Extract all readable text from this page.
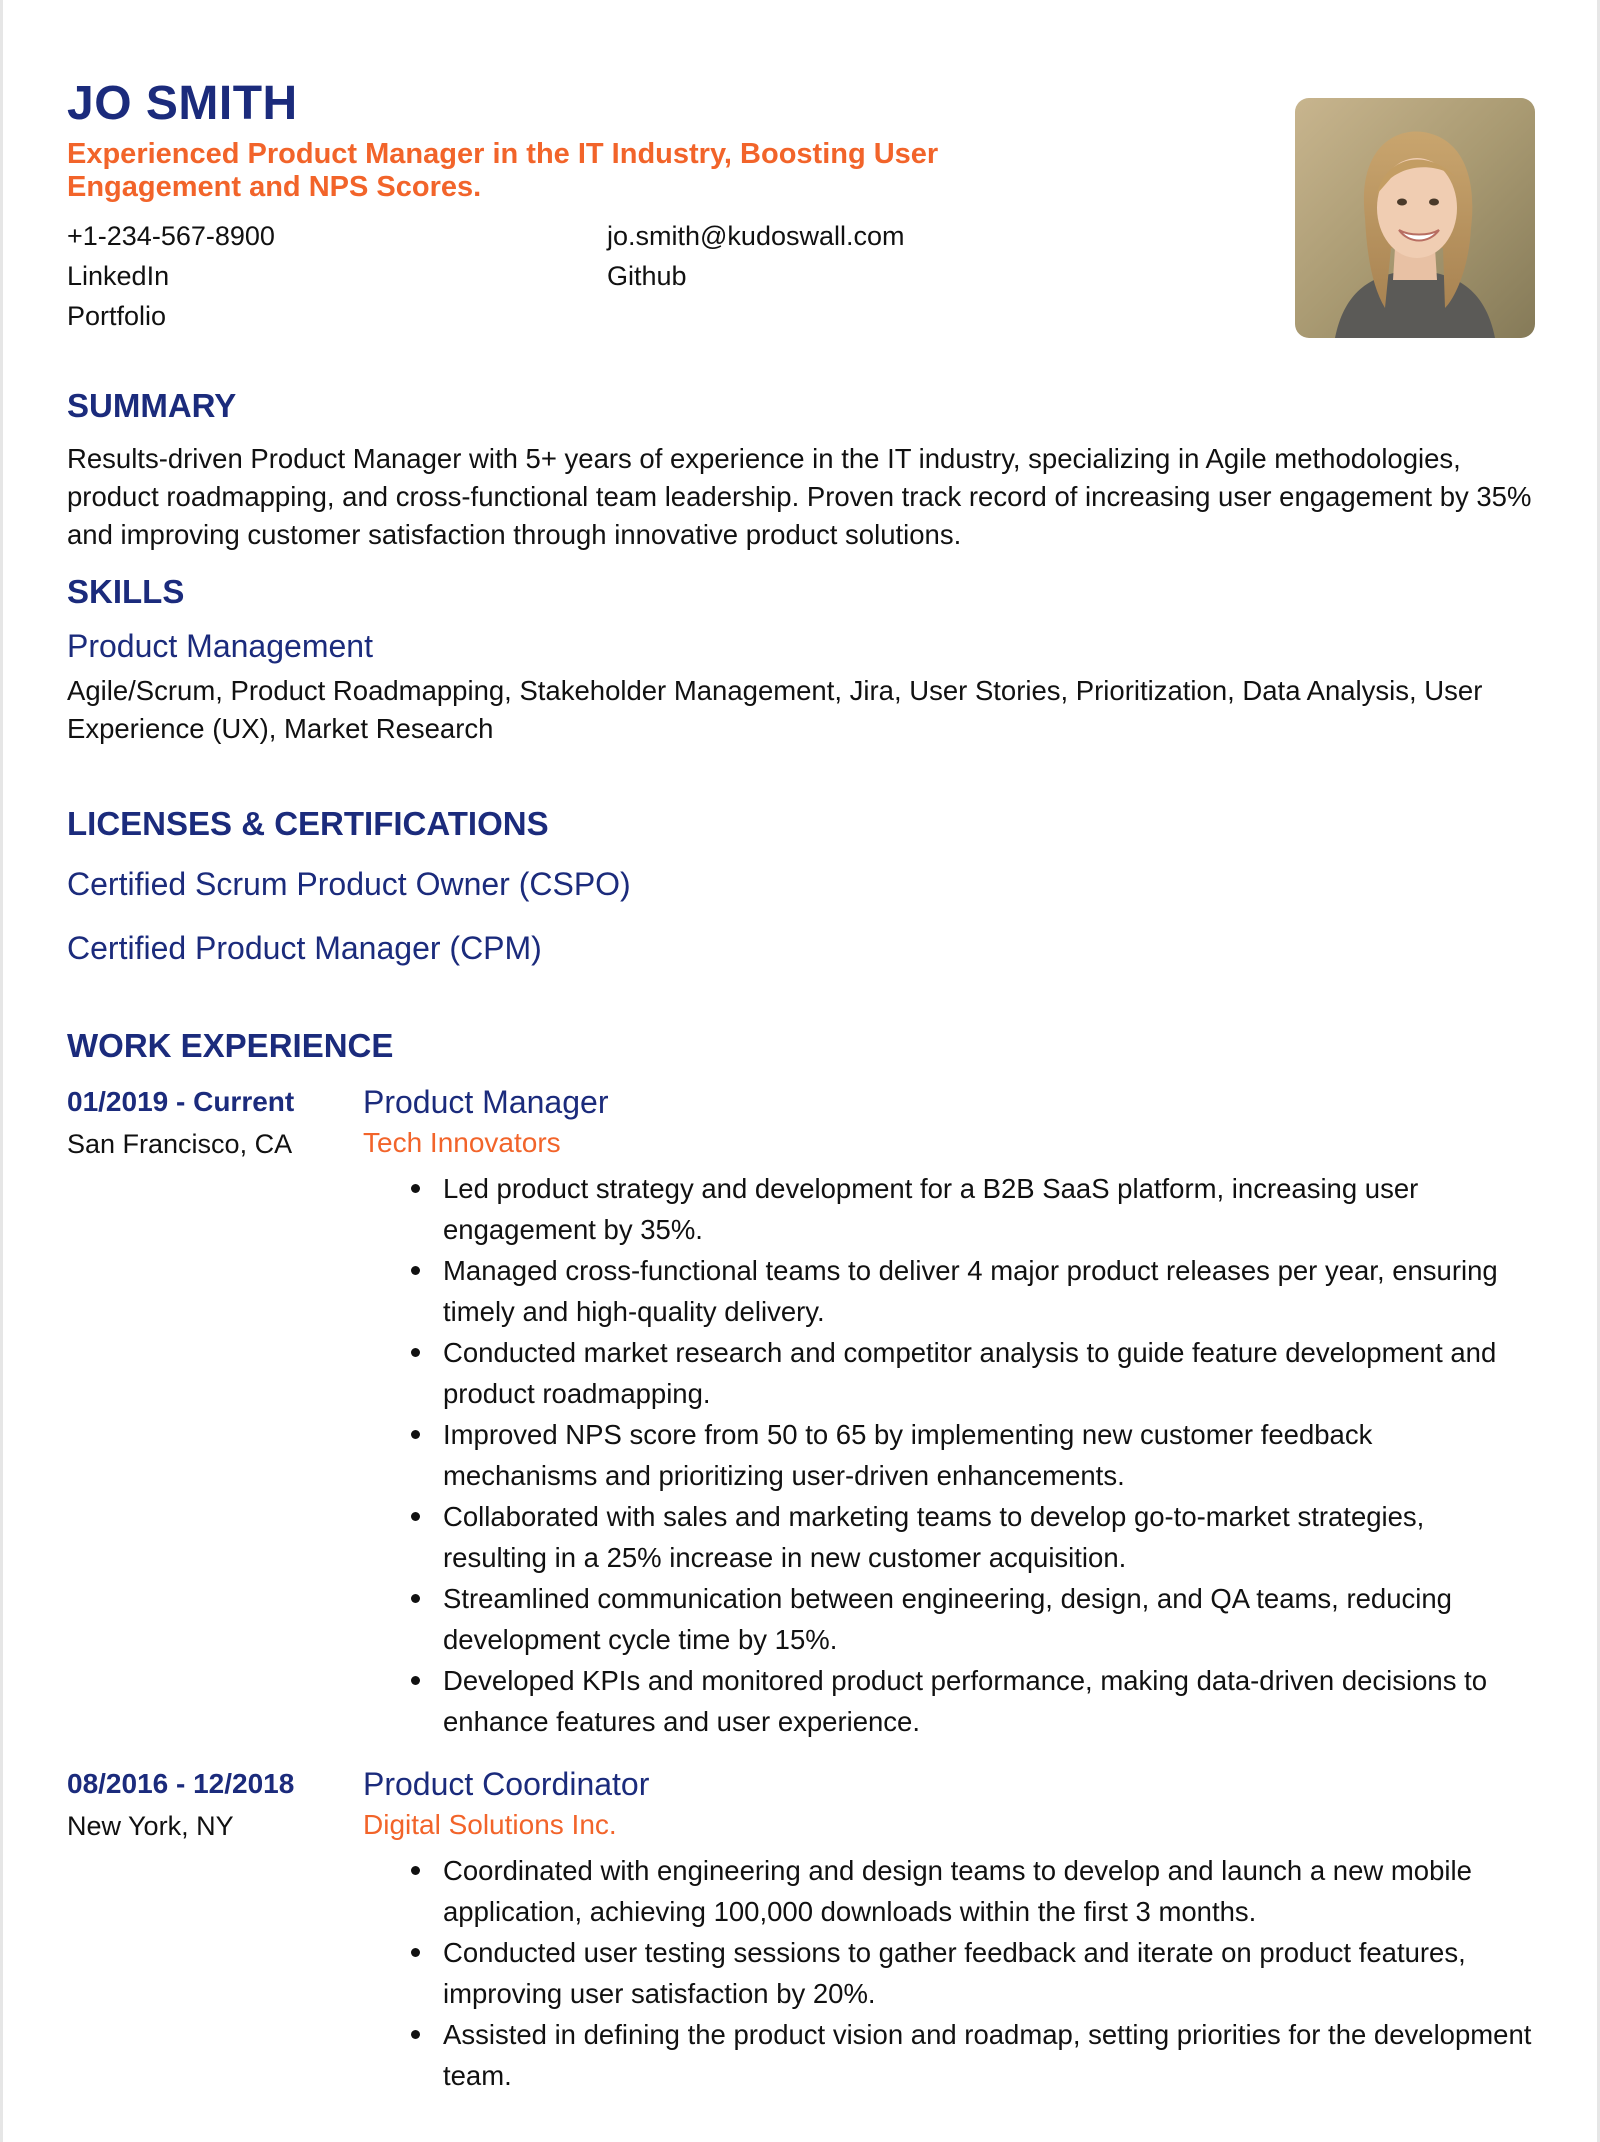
JO SMITH
Experienced Product Manager in the IT Industry, Boosting User Engagement and NPS Scores.
+1-234-567-8900	jo.smith@kudoswall.com
LinkedIn	Github
Portfolio
SUMMARY
Results-driven Product Manager with 5+ years of experience in the IT industry, specializing in Agile methodologies, product roadmapping, and cross-functional team leadership. Proven track record of increasing user engagement by 35% and improving customer satisfaction through innovative product solutions.
SKILLS
Product Management
Agile/Scrum, Product Roadmapping, Stakeholder Management, Jira, User Stories, Prioritization, Data Analysis, User Experience (UX), Market Research
LICENSES & CERTIFICATIONS
Certified Scrum Product Owner (CSPO)
Certified Product Manager (CPM)
WORK EXPERIENCE
01/2019 - Current
San Francisco, CA
Product Manager
Tech Innovators
Led product strategy and development for a B2B SaaS platform, increasing user engagement by 35%.
Managed cross-functional teams to deliver 4 major product releases per year, ensuring timely and high-quality delivery.
Conducted market research and competitor analysis to guide feature development and product roadmapping.
Improved NPS score from 50 to 65 by implementing new customer feedback mechanisms and prioritizing user-driven enhancements.
Collaborated with sales and marketing teams to develop go-to-market strategies, resulting in a 25% increase in new customer acquisition.
Streamlined communication between engineering, design, and QA teams, reducing development cycle time by 15%.
Developed KPIs and monitored product performance, making data-driven decisions to enhance features and user experience.
08/2016 - 12/2018
New York, NY
Product Coordinator
Digital Solutions Inc.
Coordinated with engineering and design teams to develop and launch a new mobile application, achieving 100,000 downloads within the first 3 months.
Conducted user testing sessions to gather feedback and iterate on product features, improving user satisfaction by 20%.
Assisted in defining the product vision and roadmap, setting priorities for the development team.
